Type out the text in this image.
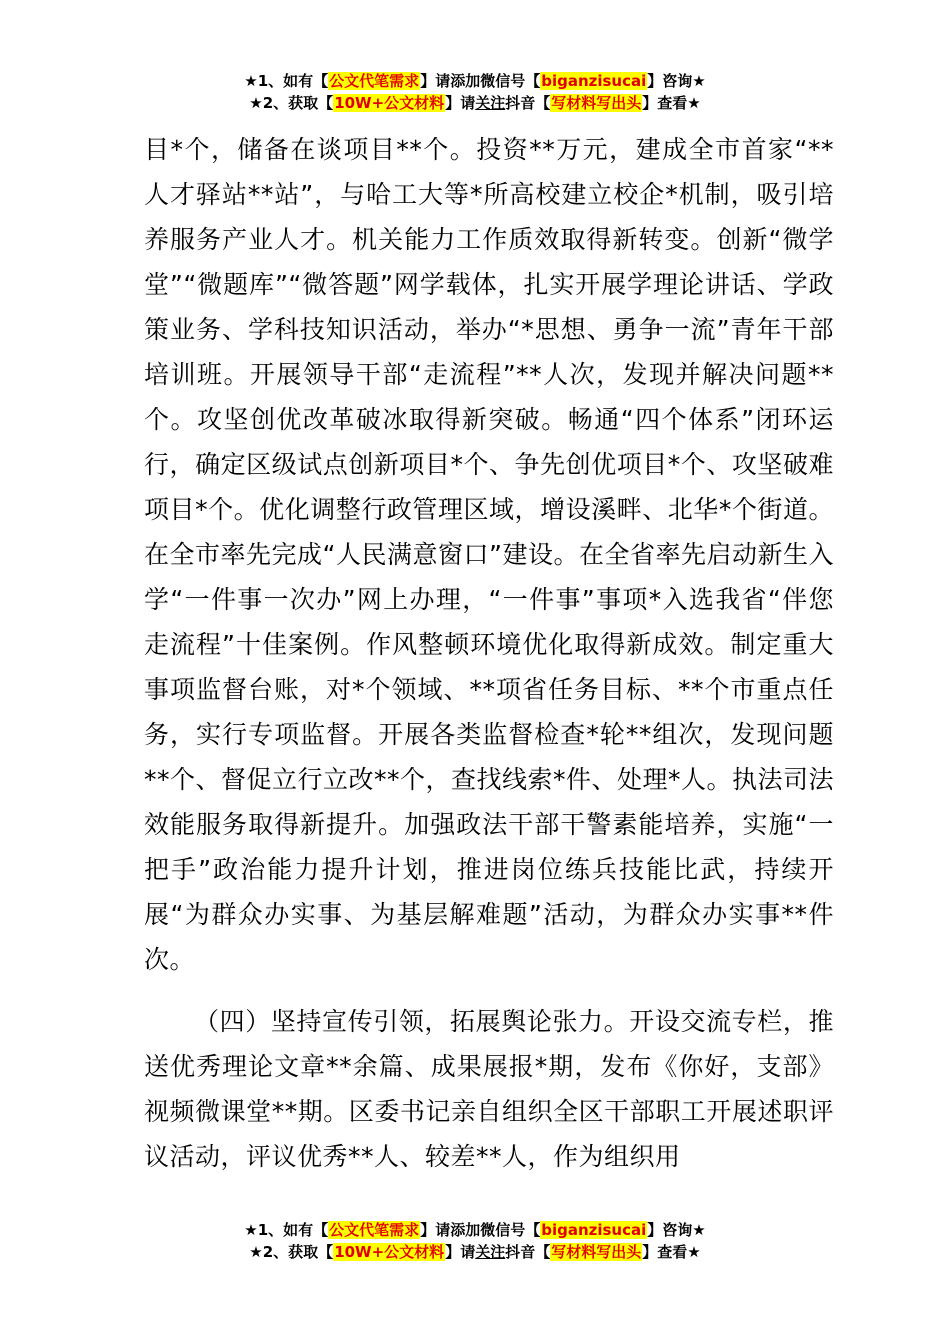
★1、如有【公文代笔需求】请添加微信号【biganzisucai】咨询★
★2、获取【10W+公文材料】请关注抖音【写材料写出头】查看★

目*个，储备在谈项目**个。投资**万元，建成全市首家“**人才驿站**站”，与哈工大等*所高校建立校企*机制，吸引培养服务产业人才。机关能力工作质效取得新转变。创新“微学堂”“微题库”“微答题”网学载体，扎实开展学理论讲话、学政策业务、学科技知识活动，举办“*思想、勇争一流”青年干部培训班。开展领导干部“走流程”**人次，发现并解决问题**个。攻坚创优改革破冰取得新突破。畅通“四个体系”闭环运行，确定区级试点创新项目*个、争先创优项目*个、攻坚破难项目*个。优化调整行政管理区域，增设溪畔、北华*个街道。在全市率先完成“人民满意窗口”建设。在全省率先启动新生入学“一件事一次办”网上办理，“一件事”事项*入选我省“伴您走流程”十佳案例。作风整顿环境优化取得新成效。制定重大事项监督台账，对*个领域、**项省任务目标、**个市重点任务，实行专项监督。开展各类监督检查*轮**组次，发现问题**个、督促立行立改**个，查找线索*件、处理*人。执法司法效能服务取得新提升。加强政法干部干警素能培养，实施“一把手”政治能力提升计划，推进岗位练兵技能比武，持续开展“为群众办实事、为基层解难题”活动，为群众办实事**件次。

（四）坚持宣传引领，拓展舆论张力。开设交流专栏，推送优秀理论文章**余篇、成果展报*期，发布《你好，支部》视频微课堂**期。区委书记亲自组织全区干部职工开展述职评议活动，评议优秀**人、较差**人，作为组织用

★1、如有【公文代笔需求】请添加微信号【biganzisucai】咨询★
★2、获取【10W+公文材料】请关注抖音【写材料写出头】查看★
